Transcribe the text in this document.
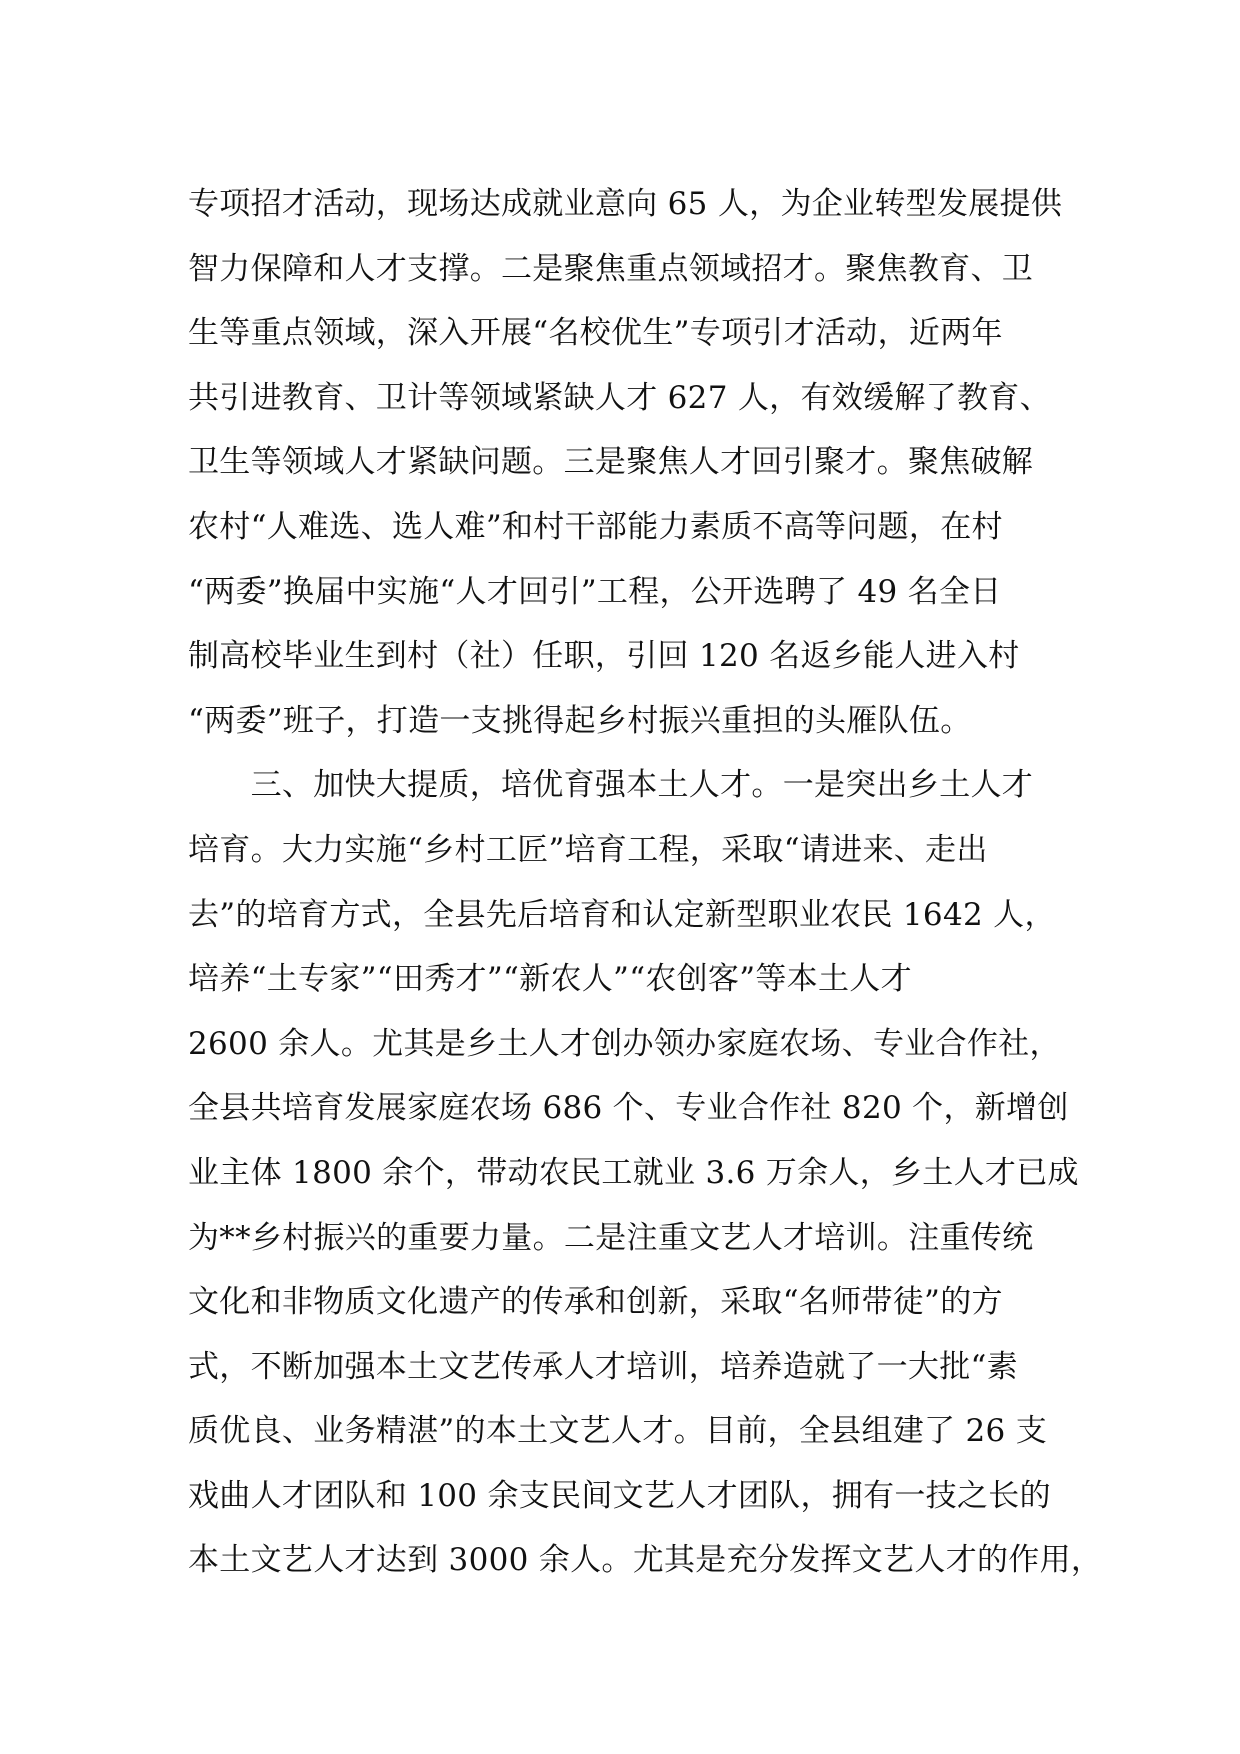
专项招才活动，现场达成就业意向 65 人，为企业转型发展提供
智力保障和人才支撑。二是聚焦重点领域招才。聚焦教育、卫
生等重点领域，深入开展“名校优生”专项引才活动，近两年
共引进教育、卫计等领域紧缺人才 627 人，有效缓解了教育、
卫生等领域人才紧缺问题。三是聚焦人才回引聚才。聚焦破解
农村“人难选、选人难”和村干部能力素质不高等问题，在村
“两委”换届中实施“人才回引”工程，公开选聘了 49 名全日
制高校毕业生到村（社）任职，引回 120 名返乡能人进入村
“两委”班子，打造一支挑得起乡村振兴重担的头雁队伍。
　　三、加快大提质，培优育强本土人才。一是突出乡土人才
培育。大力实施“乡村工匠”培育工程，采取“请进来、走出
去”的培育方式，全县先后培育和认定新型职业农民 1642 人，
培养“土专家”“田秀才”“新农人”“农创客”等本土人才
2600 余人。尤其是乡土人才创办领办家庭农场、专业合作社，
全县共培育发展家庭农场 686 个、专业合作社 820 个，新增创
业主体 1800 余个，带动农民工就业 3.6 万余人，乡土人才已成
为**乡村振兴的重要力量。二是注重文艺人才培训。注重传统
文化和非物质文化遗产的传承和创新，采取“名师带徒”的方
式，不断加强本土文艺传承人才培训，培养造就了一大批“素
质优良、业务精湛”的本土文艺人才。目前，全县组建了 26 支
戏曲人才团队和 100 余支民间文艺人才团队，拥有一技之长的
本土文艺人才达到 3000 余人。尤其是充分发挥文艺人才的作用，
